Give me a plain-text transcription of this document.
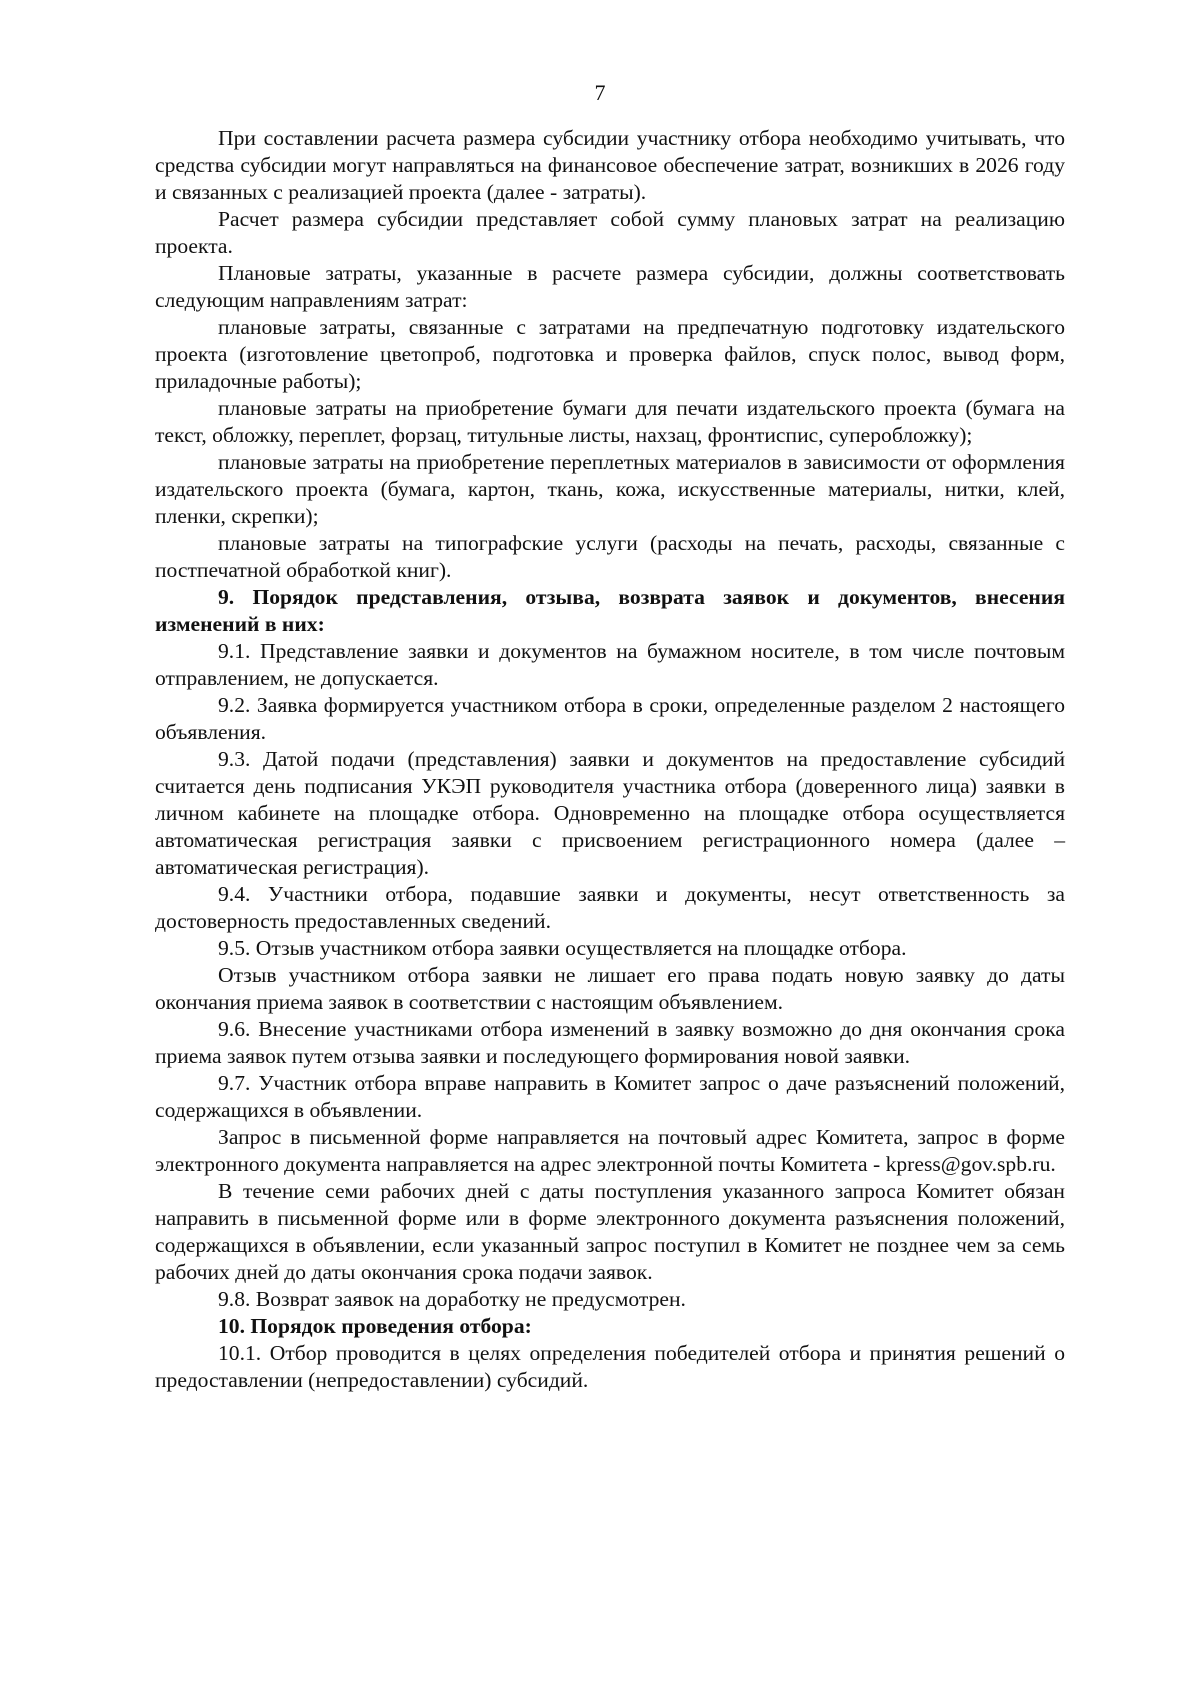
7

При составлении расчета размера субсидии участнику отбора необходимо учитывать, что средства субсидии могут направляться на финансовое обеспечение затрат, возникших в 2026 году и связанных с реализацией проекта (далее - затраты).

Расчет размера субсидии представляет собой сумму плановых затрат на реализацию проекта.

Плановые затраты, указанные в расчете размера субсидии, должны соответствовать следующим направлениям затрат:

плановые затраты, связанные с затратами на предпечатную подготовку издательского проекта (изготовление цветопроб, подготовка и проверка файлов, спуск полос, вывод форм, приладочные работы);

плановые затраты на приобретение бумаги для печати издательского проекта (бумага на текст, обложку, переплет, форзац, титульные листы, нахзац, фронтиспис, суперобложку);

плановые затраты на приобретение переплетных материалов в зависимости от оформления издательского проекта (бумага, картон, ткань, кожа, искусственные материалы, нитки, клей, пленки, скрепки);

плановые затраты на типографские услуги (расходы на печать, расходы, связанные с постпечатной обработкой книг).

9. Порядок представления, отзыва, возврата заявок и документов, внесения изменений в них:

9.1. Представление заявки и документов на бумажном носителе, в том числе почтовым отправлением, не допускается.

9.2. Заявка формируется участником отбора в сроки, определенные разделом 2 настоящего объявления.

9.3. Датой подачи (представления) заявки и документов на предоставление субсидий считается день подписания УКЭП руководителя участника отбора (доверенного лица) заявки в личном кабинете на площадке отбора. Одновременно на площадке отбора осуществляется автоматическая регистрация заявки с присвоением регистрационного номера (далее – автоматическая регистрация).

9.4. Участники отбора, подавшие заявки и документы, несут ответственность за достоверность предоставленных сведений.

9.5. Отзыв участником отбора заявки осуществляется на площадке отбора.

Отзыв участником отбора заявки не лишает его права подать новую заявку до даты окончания приема заявок в соответствии с настоящим объявлением.

9.6. Внесение участниками отбора изменений в заявку возможно до дня окончания срока приема заявок путем отзыва заявки и последующего формирования новой заявки.

9.7. Участник отбора вправе направить в Комитет запрос о даче разъяснений положений, содержащихся в объявлении.

Запрос в письменной форме направляется на почтовый адрес Комитета, запрос в форме электронного документа направляется на адрес электронной почты Комитета - kpress@gov.spb.ru.

В течение семи рабочих дней с даты поступления указанного запроса Комитет обязан направить в письменной форме или в форме электронного документа разъяснения положений, содержащихся в объявлении, если указанный запрос поступил в Комитет не позднее чем за семь рабочих дней до даты окончания срока подачи заявок.

9.8. Возврат заявок на доработку не предусмотрен.

10. Порядок проведения отбора:

10.1. Отбор проводится в целях определения победителей отбора и принятия решений о предоставлении (непредоставлении) субсидий.
